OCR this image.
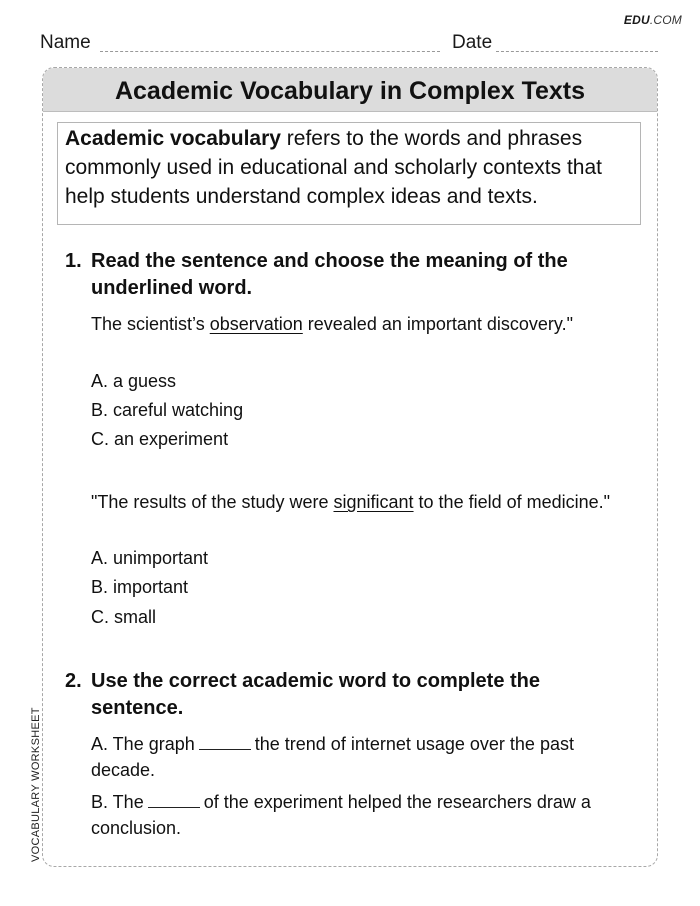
EDU.COM
Name	Date
Academic Vocabulary in Complex Texts
Academic vocabulary refers to the words and phrases commonly used in educational and scholarly contexts that help students understand complex ideas and texts.
1. Read the sentence and choose the meaning of the underlined word.
The scientist’s observation revealed an important discovery."
A. a guess
B. careful watching
C. an experiment
"The results of the study were significant to the field of medicine."
A. unimportant
B. important
C. small
2. Use the correct academic word to complete the sentence.
A. The graph	the trend of internet usage over the past decade.
B. The	of the experiment helped the researchers draw a conclusion.
VOCABULARY WORKSHEET
